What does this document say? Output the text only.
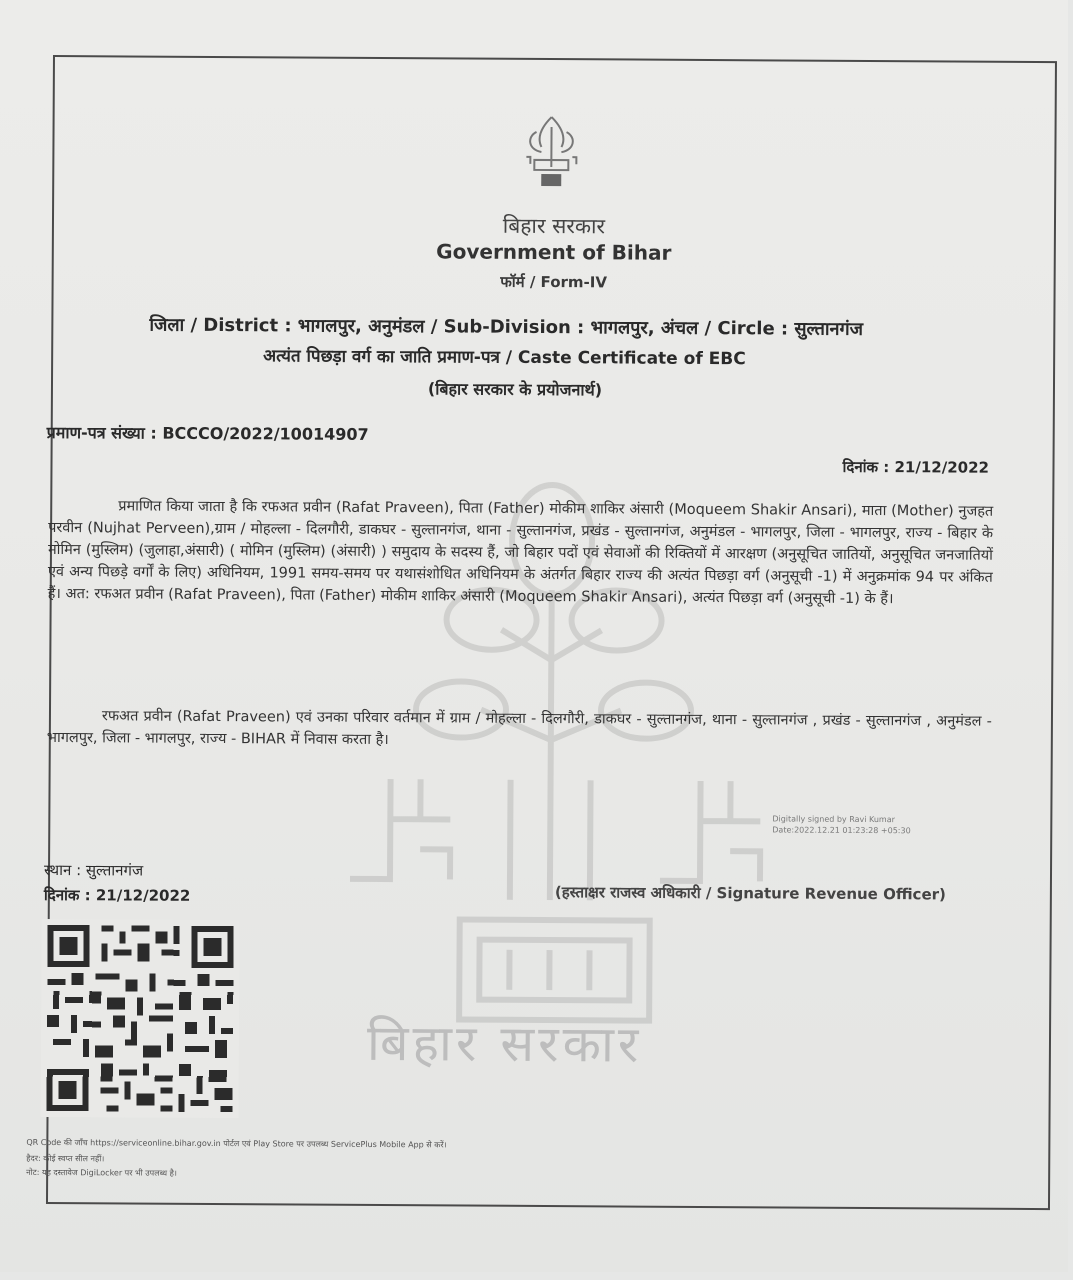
बिहार सरकार
बिहार सरकार
Government of Bihar
फॉर्म / Form-IV
जिला / District : भागलपुर, अनुमंडल / Sub-Division : भागलपुर, अंचल / Circle : सुल्तानगंज
अत्यंत पिछड़ा वर्ग का जाति प्रमाण-पत्र / Caste Certificate of EBC
(बिहार सरकार के प्रयोजनार्थ)
प्रमाण-पत्र संख्या : BCCCO/2022/10014907
दिनांक : 21/12/2022
प्रमाणित किया जाता है कि रफअत प्रवीन (Rafat Praveen), पिता (Father) मोकीम शाकिर अंसारी (Moqueem Shakir Ansari), माता (Mother) नुजहत परवीन (Nujhat Perveen),ग्राम / मोहल्ला - दिलगौरी, डाकघर - सुल्तानगंज, थाना - सुल्तानगंज, प्रखंड - सुल्तानगंज, अनुमंडल - भागलपुर, जिला - भागलपुर, राज्य - बिहार के मोमिन (मुस्लिम) (जुलाहा,अंसारी) ( मोमिन (मुस्लिम) (अंसारी) ) समुदाय के सदस्य हैं, जो बिहार पदों एवं सेवाओं की रिक्तियों में आरक्षण (अनुसूचित जातियों, अनुसूचित जनजातियों एवं अन्य पिछड़े वर्गों के लिए) अधिनियम, 1991 समय-समय पर यथासंशोधित अधिनियम के अंतर्गत बिहार राज्य की अत्यंत पिछड़ा वर्ग (अनुसूची -1) में अनुक्रमांक 94 पर अंकित हैं। अत: रफअत प्रवीन (Rafat Praveen), पिता (Father) मोकीम शाकिर अंसारी (Moqueem Shakir Ansari), अत्यंत पिछड़ा वर्ग (अनुसूची -1) के हैं।
रफअत प्रवीन (Rafat Praveen) एवं उनका परिवार वर्तमान में ग्राम / मोहल्ला - दिलगौरी, डाकघर - सुल्तानगंज, थाना - सुल्तानगंज , प्रखंड - सुल्तानगंज , अनुमंडल - भागलपुर, जिला - भागलपुर, राज्य - BIHAR में निवास करता है।
Digitally signed by Ravi Kumar
Date:2022.12.21 01:23:28 +05:30
स्थान : सुल्तानगंज
दिनांक : 21/12/2022	(हस्ताक्षर राजस्व अधिकारी / Signature Revenue Officer)
QR Code की जाँच https://serviceonline.bihar.gov.in पोर्टल एवं Play Store पर उपलब्ध ServicePlus Mobile App से करें।
हैदर: कोई स्वप्त सील नहीं।
नोट: यह दस्तावेज DigiLocker पर भी उपलब्ध है।
